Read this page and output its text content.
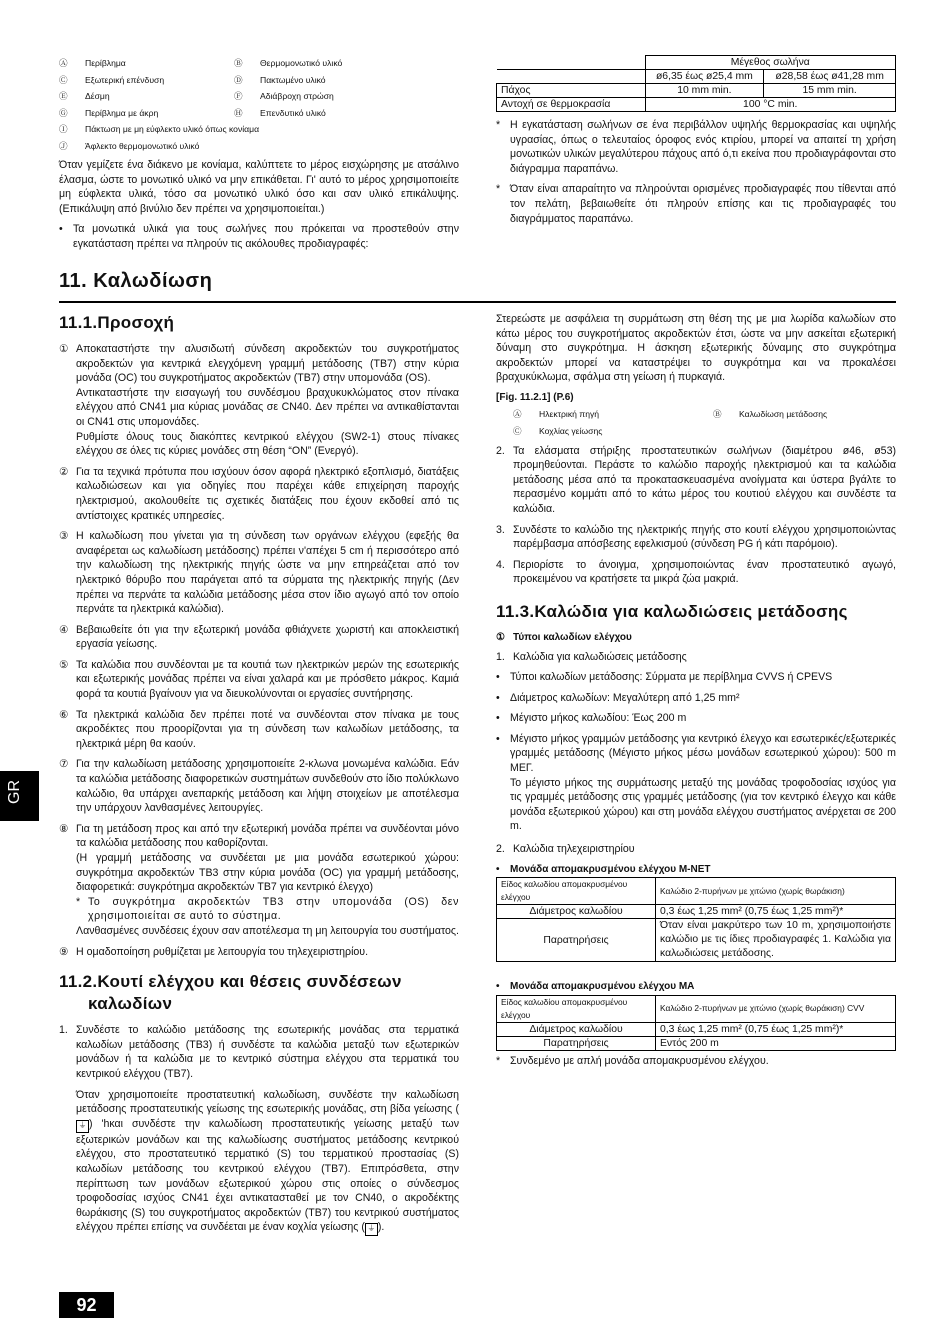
Ⓐ	Περίβλημα	Ⓑ	Θερμομονωτικό υλικό
Ⓒ	Εξωτερική επένδυση	Ⓓ	Πακτωμένο υλικό
Ⓔ	Δέσμη	Ⓕ	Αδιάβροχη στρώση
Ⓖ	Περίβλημα με άκρη	Ⓗ	Επενδυτικό υλικό
Ⓘ	Πάκτωση με μη εύφλεκτο υλικό όπως κονίαμα
Ⓙ	Άφλεκτο θερμομονωτικό υλικό

Όταν γεμίζετε ένα διάκενο με κονίαμα, καλύπτετε το μέρος εισχώρησης με ατσάλινο έλασμα, ώστε το μονωτικό υλικό να μην επικάθεται. Γι' αυτό το μέρος χρησιμοποιείτε μη εύφλεκτα υλικά, τόσο σα μονωτικό υλικό όσο και σαν υλικό επικάλυψης. (Επικάλυψη από βινύλιο δεν πρέπει να χρησιμοποιείται.)

• Τα μονωτικά υλικά για τους σωλήνες που πρόκειται να προστεθούν στην εγκατάσταση πρέπει να πληρούν τις ακόλουθες προδιαγραφές:
	Μέγεθος σωλήνα	
	ø6,35 έως ø25,4 mm	ø28,58 έως ø41,28 mm
Πάχος	10 mm min.	15 mm min.
Αντοχή σε θερμοκρασία	100 °C min.	
* Η εγκατάσταση σωλήνων σε ένα περιβάλλον υψηλής θερμοκρασίας και υψηλής υγρασίας, όπως ο τελευταίος όροφος ενός κτιρίου, μπορεί να απαιτεί τη χρήση μονωτικών υλικών μεγαλύτερου πάχους από ό,τι εκείνα που προδιαγράφονται στο διάγραμμα παραπάνω.
* Όταν είναι απαραίτητο να πληρούνται ορισμένες προδιαγραφές που τίθενται από τον πελάτη, βεβαιωθείτε ότι πληρούν επίσης και τις προδιαγραφές του διαγράμματος παραπάνω.
11. Καλωδίωση
11.1.Προσοχή
① Αποκαταστήστε την αλυσιδωτή σύνδεση ακροδεκτών του συγκροτήματος ακροδεκτών για κεντρικά ελεγχόμενη γραμμή μετάδοσης (TB7) στην κύρια μονάδα (OC) του συγκροτήματος ακροδεκτών (TB7) στην υπομονάδα (OS).

Αντικαταστήστε την εισαγωγή του συνδέσμου βραχυκυκλώματος στον πίνακα ελέγχου από CN41 μια κύριας μονάδας σε CN40. Δεν πρέπει να αντικαθίστανται οι CN41 στις υπομονάδες.

Ρυθμίστε όλους τους διακόπτες κεντρικού ελέγχου (SW2-1) στους πίνακες ελέγχου σε όλες τις κύριες μονάδες στη θέση “ON” (Ενεργό).

② Για τα τεχνικά πρότυπα που ισχύουν όσον αφορά ηλεκτρικό εξοπλισμό, διατάξεις καλωδιώσεων και για οδηγίες που παρέχει κάθε επιχείρηση παροχής ηλεκτρισμού, ακολουθείτε τις σχετικές διατάξεις που έχουν εκδοθεί από τις αντίστοιχες κρατικές υπηρεσίες.

③ Η καλωδίωση που γίνεται για τη σύνδεση των οργάνων ελέγχου (εφεξής θα αναφέρεται ως καλωδίωση μετάδοσης) πρέπει ν'απέχει 5 cm ή περισσότερο από την καλωδίωση της ηλεκτρικής πηγής ώστε να μην επηρεάζεται από τον ηλεκτρικό θόρυβο που παράγεται από τα σύρματα της ηλεκτρικής πηγής (Δεν πρέπει να περνάτε τα καλώδια μετάδοσης μέσα στον ίδιο αγωγό από τον οποίο περνάτε τα ηλεκτρικά καλώδια).

④ Βεβαιωθείτε ότι για την εξωτερική μονάδα φθιάχνετε χωριστή και αποκλειστική εργασία γείωσης.

⑤ Τα καλώδια που συνδέονται με τα κουτιά των ηλεκτρικών μερών της εσωτερικής και εξωτερικής μονάδας πρέπει να είναι χαλαρά και με πρόσθετο μάκρος. Καμιά φορά τα κουτιά βγαίνουν για να διευκολύνονται οι εργασίες συντήρησης.

⑥ Τα ηλεκτρικά καλώδια δεν πρέπει ποτέ να συνδέονται στον πίνακα με τους ακροδέκτες που προορίζονται για τη σύνδεση των καλωδίων μετάδοσης, τα ηλεκτρικά μέρη θα καούν.

⑦ Για την καλωδίωση μετάδοσης χρησιμοποιείτε 2-κλωνα μονωμένα καλώδια. Εάν τα καλώδια μετάδοσης διαφορετικών συστημάτων συνδεθούν στο ίδιο πολύκλωνο καλώδιο, θα υπάρχει ανεπαρκής μετάδοση και λήψη στοιχείων με αποτέλεσμα την υπάρχουν λανθασμένες λειτουργίες.

⑧ Για τη μετάδοση προς και από την εξωτερική μονάδα πρέπει να συνδέονται μόνο τα καλώδια μετάδοσης που καθορίζονται.

(Η γραμμή μετάδοσης να συνδέεται με μια μονάδα εσωτερικού χώρου: συγκρότημα ακροδεκτών TB3 στην κύρια μονάδα (OC) για γραμμή μετάδοσης, διαφορετικά: συγκρότημα ακροδεκτών TB7 για κεντρικό έλεγχο)

* Το συγκρότημα ακροδεκτών TB3 στην υπομονάδα (OS) δεν χρησιμοποιείται σε αυτό το σύστημα.

Λανθασμένες συνδέσεις έχουν σαν αποτέλεσμα τη μη λειτουργία του συστήματος.

⑨ Η ομαδοποίηση ρυθμίζεται με λειτουργία του τηλεχειριστηρίου.

11.2.Κουτί ελέγχου και θέσεις συνδέσεων
καλωδίων
1. Συνδέστε το καλώδιο μετάδοσης της εσωτερικής μονάδας στα τερματικά καλωδίων μετάδοσης (TB3) ή συνδέστε τα καλώδια μεταξύ των εξωτερικών μονάδων ή τα καλώδια με το κεντρικό σύστημα ελέγχου στα τερματικά του κεντρικού ελέγχου (TB7).

Όταν χρησιμοποιείτε προστατευτική καλωδίωση, συνδέστε την καλωδίωση μετάδοσης προστατευτικής γείωσης της εσωτερικής μονάδας, στη βίδα γείωσης (⏚ ) 'hκαι συνδέστε την καλωδίωση προστατευτικής γείωσης μεταξύ των εξωτερικών μονάδων και της καλωδίωσης συστήματος μετάδοσης κεντρικού ελέγχου, στο προστατευτικό τερματικό (S) του τερματικού προστασίας (S) καλωδίων μετάδοσης του κεντρικού ελέγχου (TB7). Επιπρόσθετα, στην περίπτωση των μονάδων εξωτερικού χώρου στις οποίες ο σύνδεσμος τροφοδοσίας ισχύος CN41 έχει αντικατασταθεί με τον CN40, ο ακροδέκτης θωράκισης (S) του συγκροτήματος ακροδεκτών (TB7) του κεντρικού συστήματος ελέγχου πρέπει επίσης να συνδέεται με έναν κοχλία γείωσης ( ⏚ ).

Στερεώστε με ασφάλεια τη συρμάτωση στη θέση της με μια λωρίδα καλωδίων στο κάτω μέρος του συγκροτήματος ακροδεκτών έτσι, ώστε να μην ασκείται εξωτερική δύναμη στο συγκρότημα. Η άσκηση εξωτερικής δύναμης στο συγκρότημα ακροδεκτών μπορεί να καταστρέψει το συγκρότημα και να προκαλέσει βραχυκύκλωμα, σφάλμα στη γείωση ή πυρκαγιά.

[Fig. 11.2.1] (P.6)
Ⓐ	Ηλεκτρική πηγή	Ⓑ	Καλωδίωση μετάδοσης
Ⓒ	Κοχλίας γείωσης
2. Τα ελάσματα στήριξης προστατευτικών σωλήνων (διαμέτρου ø46, ø53) προμηθεύονται. Περάστε το καλώδιο παροχής ηλεκτρισμού και τα καλώδια μετάδοσης μέσα από τα προκατασκευασμένα ανοίγματα και ύστερα βγάλτε το περασμένο κομμάτι από το κάτω μέρος του κουτιού ελέγχου και συνδέστε τα καλώδια.
3. Συνδέστε το καλώδιο της ηλεκτρικής πηγής στο κουτί ελέγχου χρησιμοποιώντας παρέμβασμα απόσβεσης εφελκισμού (σύνδεση PG ή κάτι παρόμοιο).
4. Περιορίστε το άνοιγμα, χρησιμοποιώντας έναν προστατευτικό αγωγό, προκειμένου να κρατήσετε τα μικρά ζώα μακριά.
11.3.Καλώδια για καλωδιώσεις μετάδοσης
① Τύποι καλωδίων ελέγχου
1. Καλώδια για καλωδιώσεις μετάδοσης
• Τύποι καλωδίων μετάδοσης: Σύρματα με περίβλημα CVVS ή CPEVS
• Διάμετρος καλωδίων: Μεγαλύτερη από 1,25 mm²
• Μέγιστο μήκος καλωδίου: Έως 200 m
• Μέγιστο μήκος γραμμών μετάδοσης για κεντρικό έλεγχο και εσωτερικές/εξωτερικές γραμμές μετάδοσης (Μέγιστο μήκος μέσω μονάδων εσωτερικού χώρου): 500 m ΜΕΓ.
Το μέγιστο μήκος της συρμάτωσης μεταξύ της μονάδας τροφοδοσίας ισχύος για τις γραμμές μετάδοσης στις γραμμές μετάδοσης (για τον κεντρικό έλεγχο και κάθε μονάδα εξωτερικού χώρου) και στη μονάδα ελέγχου συστήματος ανέρχεται σε 200 m.
2. Καλώδια τηλεχειριστηρίου
•	Μονάδα απομακρυσμένου ελέγχου M-NET
Είδος καλωδίου απομακρυσμένου ελέγχου	Καλώδιο 2-πυρήνων με χιτώνιο (χωρίς θωράκιση)
Διάμετρος καλωδίου	0,3 έως 1,25 mm² (0,75 έως 1,25 mm²)*
Παρατηρήσεις	Όταν είναι μακρύτερο των 10 m, χρησιμοποιήστε καλώδιο με τις ίδιες προδιαγραφές 1. Καλώδια για καλωδιώσεις μετάδοσης.
•	Μονάδα απομακρυσμένου ελέγχου MA
Είδος καλωδίου απομακρυσμένου ελέγχου	Καλώδιο 2-πυρήνων με χιτώνιο (χωρίς θωράκιση) CVV
Διάμετρος καλωδίου	0,3 έως 1,25 mm² (0,75 έως 1,25 mm²)*
Παρατηρήσεις	Εντός 200 m
* Συνδεμένο με απλή μονάδα απομακρυσμένου ελέγχου.
GR
92
